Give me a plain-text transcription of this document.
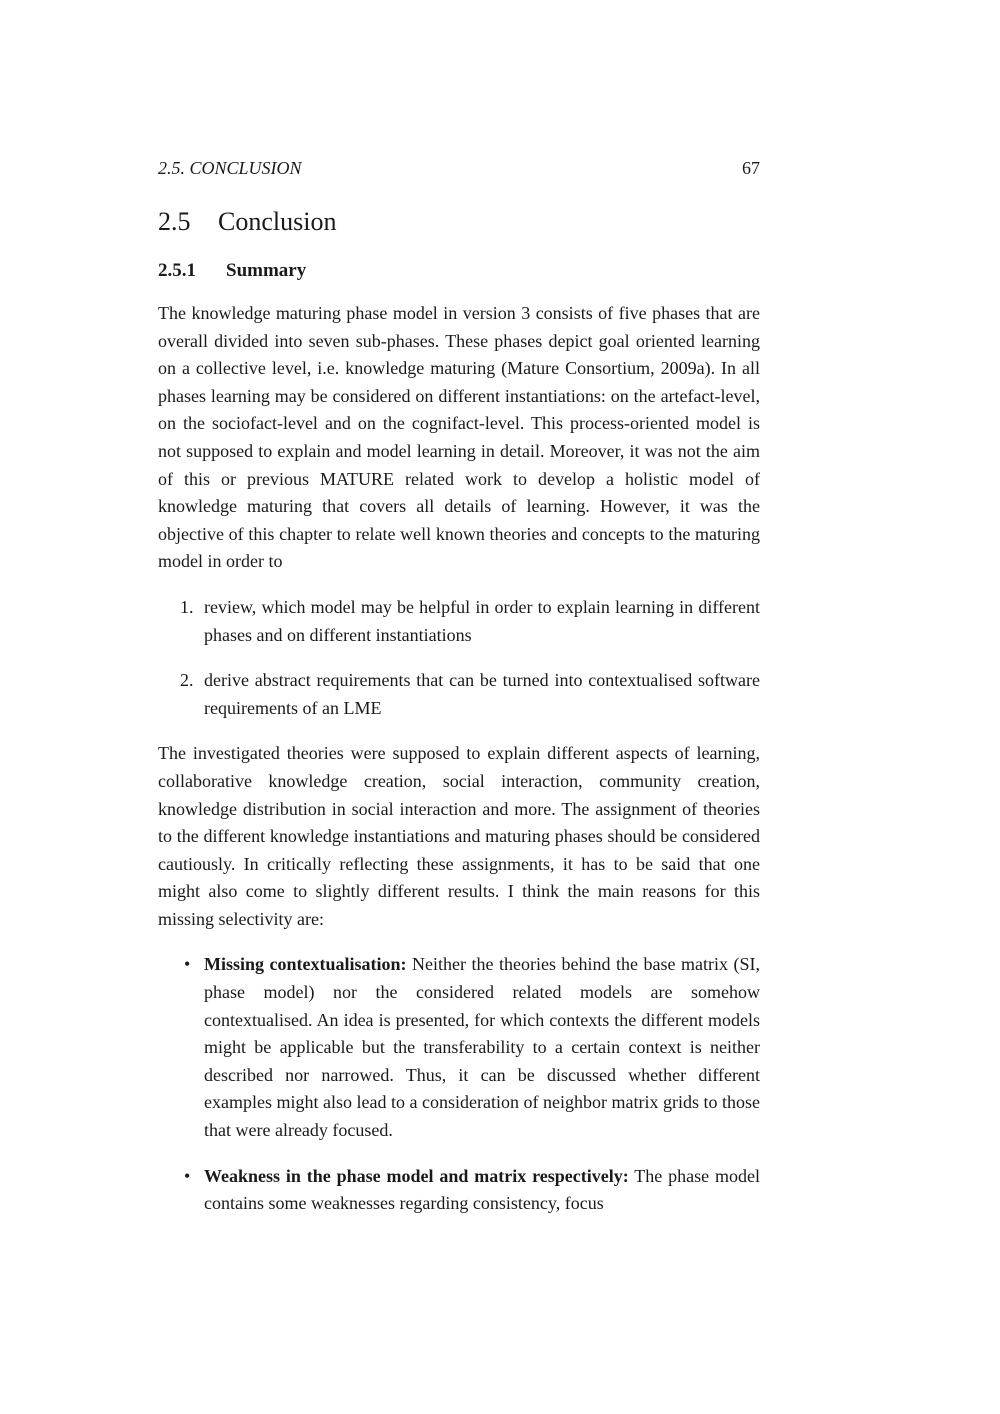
2.5. CONCLUSION	67
2.5 Conclusion
2.5.1 Summary

The knowledge maturing phase model in version 3 consists of five phases that are overall divided into seven sub-phases. These phases depict goal oriented learning on a collective level, i.e. knowledge maturing (Mature Consortium, 2009a). In all phases learning may be considered on different instantiations: on the artefact-level, on the sociofact-level and on the cognifact-level. This process-oriented model is not supposed to explain and model learning in detail. Moreover, it was not the aim of this or previous MATURE related work to develop a holistic model of knowledge maturing that covers all details of learning. However, it was the objective of this chapter to relate well known theories and concepts to the maturing model in order to

1. review, which model may be helpful in order to explain learning in different phases and on different instantiations
2. derive abstract requirements that can be turned into contextualised software requirements of an LME

The investigated theories were supposed to explain different aspects of learning, collaborative knowledge creation, social interaction, community creation, knowledge distribution in social interaction and more. The assignment of theories to the different knowledge instantiations and maturing phases should be considered cautiously. In critically reflecting these assignments, it has to be said that one might also come to slightly different results. I think the main reasons for this missing selectivity are:

• Missing contextualisation: Neither the theories behind the base matrix (SI, phase model) nor the considered related models are somehow contextualised. An idea is presented, for which contexts the different models might be applicable but the transferability to a certain context is neither described nor narrowed. Thus, it can be discussed whether different examples might also lead to a consideration of neighbor matrix grids to those that were already focused.
• Weakness in the phase model and matrix respectively: The phase model contains some weaknesses regarding consistency, focus
